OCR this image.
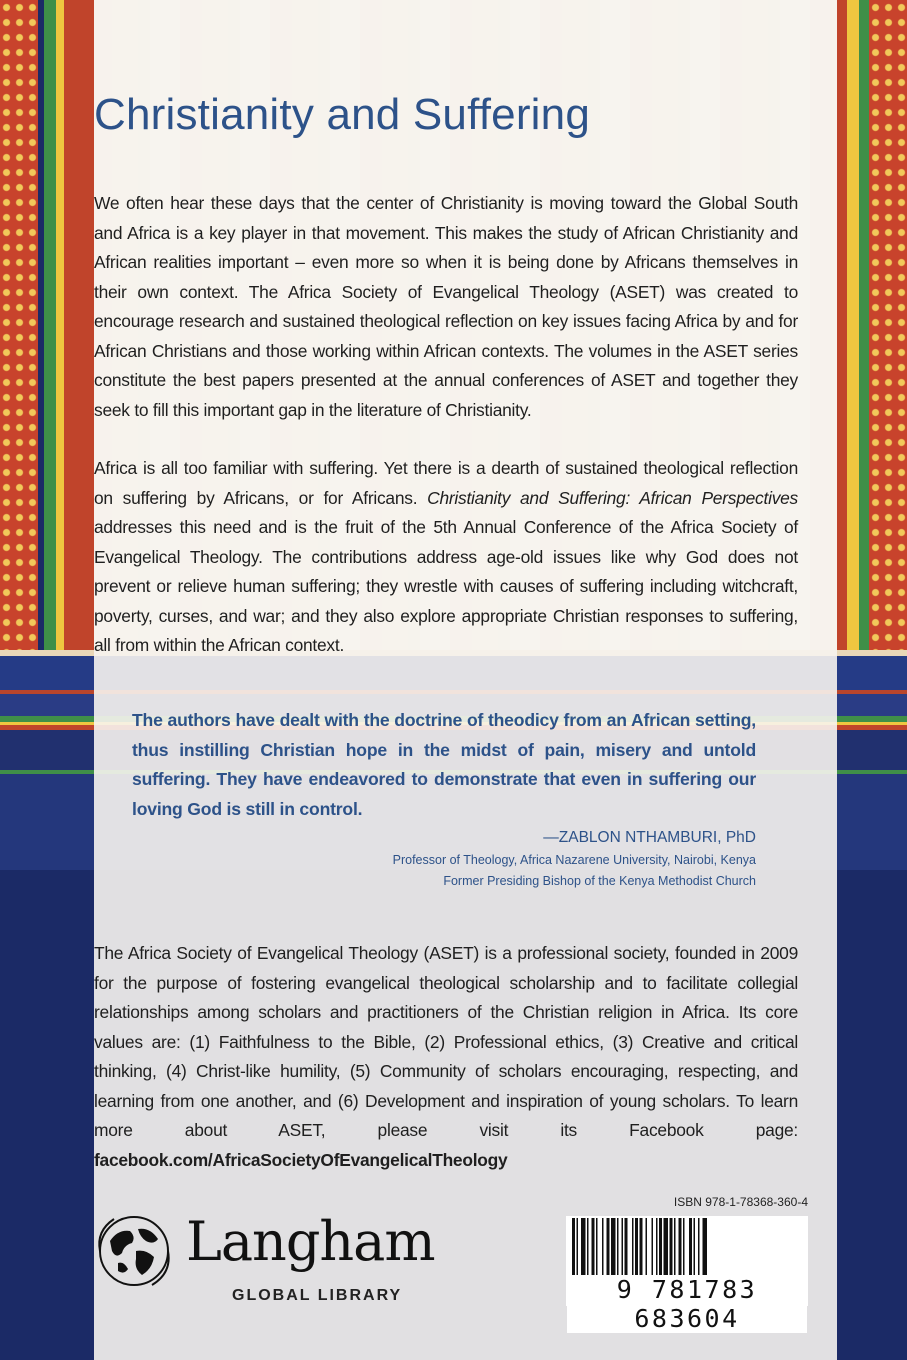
Christianity and Suffering

We often hear these days that the center of Christianity is moving toward the Global South and Africa is a key player in that movement. This makes the study of African Christianity and African realities important – even more so when it is being done by Africans themselves in their own context. The Africa Society of Evangelical Theology (ASET) was created to encourage research and sustained theological reflection on key issues facing Africa by and for African Christians and those working within African contexts. The volumes in the ASET series constitute the best papers presented at the annual conferences of ASET and together they seek to fill this important gap in the literature of Christianity.

Africa is all too familiar with suffering. Yet there is a dearth of sustained theological reflection on suffering by Africans, or for Africans. Christianity and Suffering: African Perspectives addresses this need and is the fruit of the 5th Annual Conference of the Africa Society of Evangelical Theology. The contributions address age-old issues like why God does not prevent or relieve human suffering; they wrestle with causes of suffering including witchcraft, poverty, curses, and war; and they also explore appropriate Christian responses to suffering, all from within the African context.

The authors have dealt with the doctrine of theodicy from an African setting, thus instilling Christian hope in the midst of pain, misery and untold suffering. They have endeavored to demonstrate that even in suffering our loving God is still in control.

—ZABLON NTHAMBURI, PhD

Professor of Theology, Africa Nazarene University, Nairobi, Kenya

Former Presiding Bishop of the Kenya Methodist Church

The Africa Society of Evangelical Theology (ASET) is a professional society, founded in 2009 for the purpose of fostering evangelical theological scholarship and to facilitate collegial relationships among scholars and practitioners of the Christian religion in Africa. Its core values are: (1) Faithfulness to the Bible, (2) Professional ethics, (3) Creative and critical thinking, (4) Christ-like humility, (5) Community of scholars encouraging, respecting, and learning from one another, and (6) Development and inspiration of young scholars. To learn more about ASET, please visit its Facebook page: facebook.com/AfricaSocietyOfEvangelicalTheology

Langham

GLOBAL LIBRARY

ISBN 978-1-78368-360-4

9 781783 683604
